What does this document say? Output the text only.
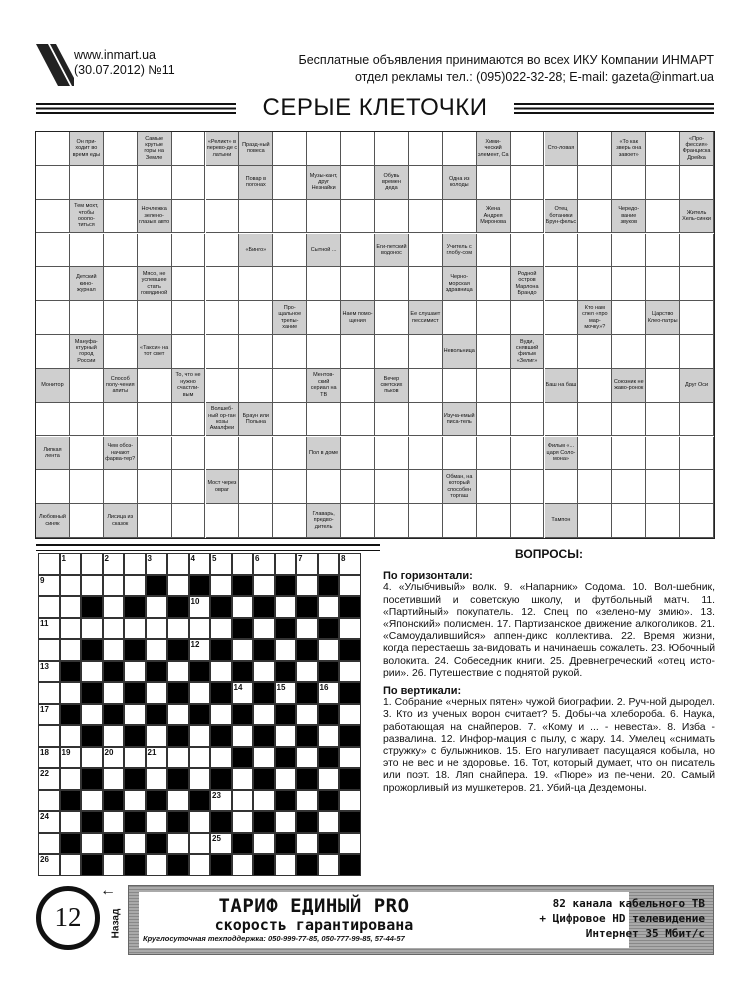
www.inmart.ua
(30.07.2012) №11
Бесплатные объявления принимаются во всех ИКУ Компании ИНМАРТ
отдел рекламы тел.: (095)022-32-28; E-mail: gazeta@inmart.ua
СЕРЫЕ КЛЕТОЧКИ
Он при-ходит во время еды
Самые крутые горы на Земле
«Реликт» в перево-де с латыни
Празд-ный повеса
Хими-ческий элемент, Ca
Сто-ловая
«То как зверь она завоет»
«Про-фессия» Франциска Дрейка
Повар в погонах
Музы-кант, друг Незнайки
Обувь времен деда
Одна из колоды
Тем мохт, чтобы ооопо-титься
Ночлежка зелено-глазых авто
Жена Андрея Миронова
Отец ботаники Брун-фельс
Чередо-вание звуков
Житель Хель-синки
«Бинго»	Сытной ...
Еги-петский водонос
Учитель с глобу-сом
Детский кино-журнал
Мясо, не успевшее стать говядиной
Черно-морская здравница
Родной остров Марлона Брандо
Про-щальное трепы-хание
Наем помо-щения
Ее слушает пессимист
Кто нам спел «про мар-мочку»?
Царство Клео-патры
Мануфа-ктурный город России
«Такси» на тот свет
Невольница
Вуди, снявший фильм «Зелиг»
Монитор
Способ полу-чения апиты
То, что не нужно счастли-вым
Ментов-ский сериал на ТВ
Вечер светских пьков
Баш на баш
Союзник не жаво-ронок
Друг Оси
Волшеб-ный ор-ган козы Амалфеи
Браун или Полына
Изуча-емый писа-тель
Липкая лента
Чем обоз-начают фарва-тер?
Пол в доме
Фильм «... царя Соло-мона»
Мост через овраг
Обман, на который способен торгаш
Любовный синяк
Лисица из сказок
Главарь, предво-дитель
Тампон
1	2	3	4 5	6	7	8
9
10
11
12
13
14	15	16
17
18 19	20	21
22
23
24
25
26
ВОПРОСЫ:
По горизонтали:

4. «Улыбчивый» волк. 9. «Напарник» Содома. 10. Вол-шебник, посетивший и советскую школу, и футбольный матч. 11. «Партийный» покупатель. 12. Спец по «зелено-му змию». 13. «Японский» полисмен. 17. Партизанское движение алкоголиков. 21. «Самоудалившийся» аппен-дикс коллектива. 22. Время жизни, когда перестаешь за-видовать и начинаешь сожалеть. 23. Юбочный волокита. 24. Собеседник книги. 25. Древнегреческий «отец исто-рии». 26. Путешествие с поднятой рукой.

По вертикали:

1. Собрание «черных пятен» чужой биографии. 2. Руч-ной дыродел. 3. Кто из ученых ворон считает? 5. Добы-ча хлебороба. 6. Наука, работающая на снайперов. 7. «Кому и ... - невеста». 8. Изба - развалина. 12. Инфор-мация с пылу, с жару. 14. Умелец «снимать стружку» с булыжников. 15. Его нагуливает пасущаяся кобыла, но это не вес и не здоровье. 16. Тот, который думает, что он писатель или поэт. 18. Ляп снайпера. 19. «Пюре» из пе-чени. 20. Самый прожорливый из мушкетеров. 21. Убий-ца Дездемоны.

12
←
Назад
ТАРИФ ЕДИНЫЙ PRO
скорость гарантирована
Круглосуточная техподдержка: 050-999-77-85, 050-777-99-85, 57-44-57
82 канала кабельного ТВ
+ Цифровое HD телевидение
Интернет 35 Мбит/с
